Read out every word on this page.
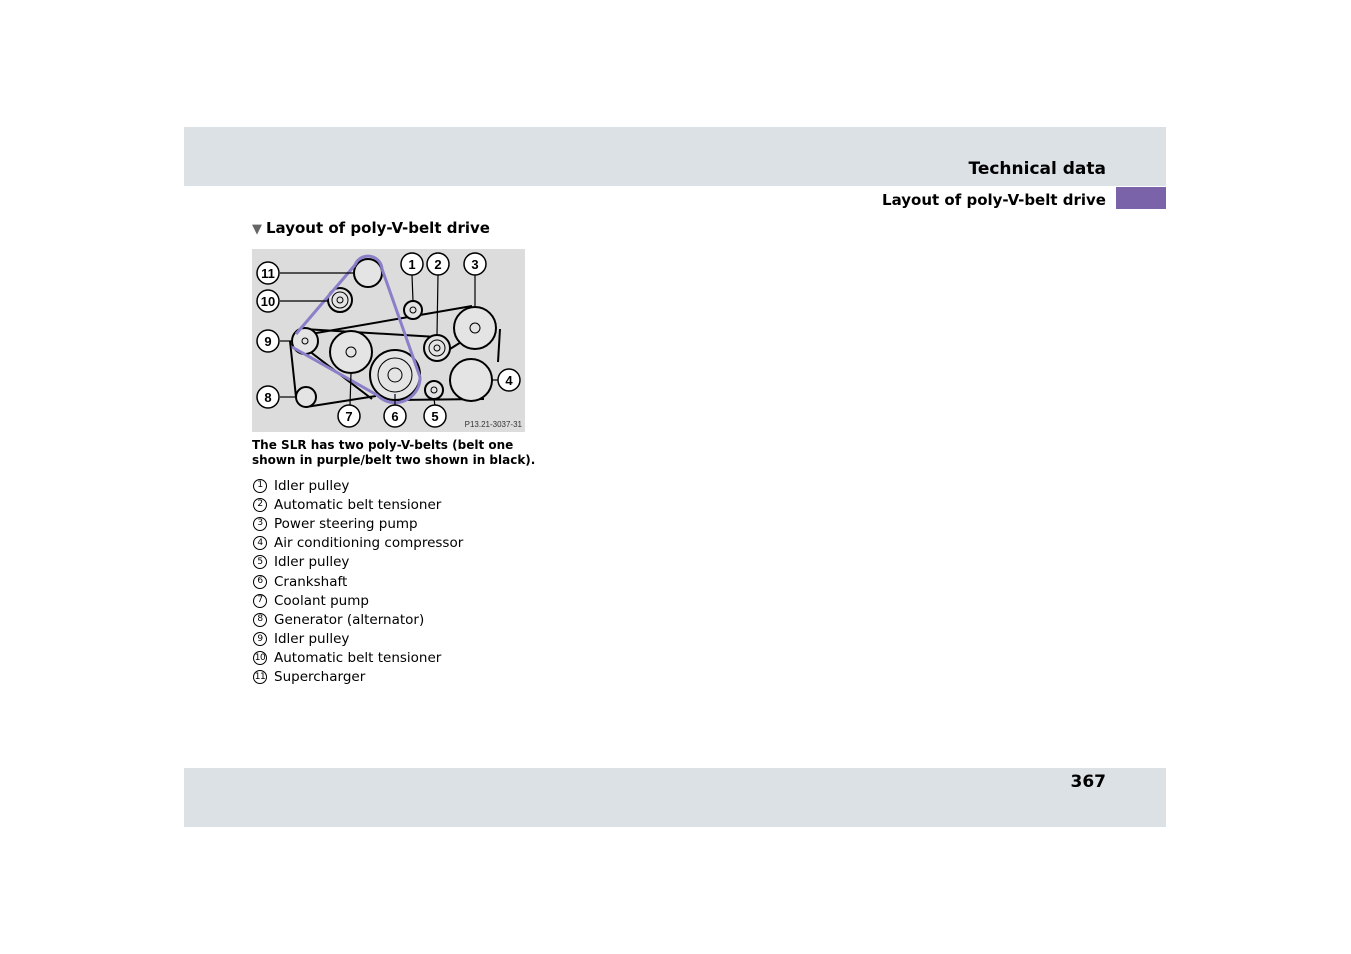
Technical data
Layout of poly-V-belt drive
▼ Layout of poly-V-belt drive
11
10
9
8
7	6	5
1 2 3
4
P13.21-3037-31
The SLR has two poly-V-belts (belt one shown in purple/belt two shown in black).
1 Idler pulley
2 Automatic belt tensioner
3 Power steering pump
4 Air conditioning compressor
5 Idler pulley
6 Crankshaft
7 Coolant pump
8 Generator (alternator)
9 Idler pulley
10 Automatic belt tensioner
11 Supercharger
367
